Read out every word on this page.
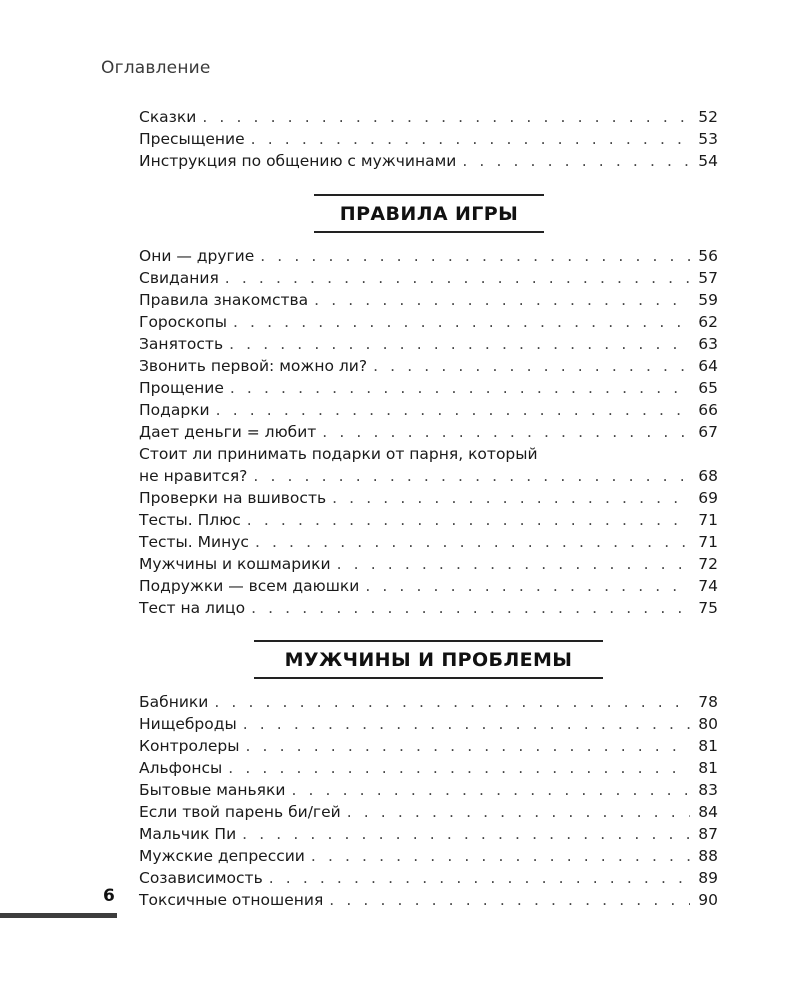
Оглавление
Сказки . . .	52
Пресыщение . . .	53
Инструкция по общению с мужчинами . . .	54
ПРАВИЛА ИГРЫ
Они — другие . . .	56
Свидания . . .	57
Правила знакомства . . .	59
Гороскопы . . .	62
Занятость . . .	63
Звонить первой: можно ли? . . .	64
Прощение . . .	65
Подарки . . .	66
Дает деньги = любит . . .	67
Стоит ли принимать подарки от парня, который
не нравится? . . .	68
Проверки на вшивость . . .	69
Тесты. Плюс . . .	71
Тесты. Минус . . .	71
Мужчины и кошмарики . . .	72
Подружки — всем даюшки . . .	74
Тест на лицо . . .	75
МУЖЧИНЫ И ПРОБЛЕМЫ
Бабники . . .	78
Нищеброды . . .	80
Контролеры . . .	81
Альфонсы . . .	81
Бытовые маньяки . . .	83
Если твой парень би/гей . . .	84
Мальчик Пи . . .	87
Мужские депрессии . . .	88
Созависимость . . .	89
Токсичные отношения . . .	90
6
